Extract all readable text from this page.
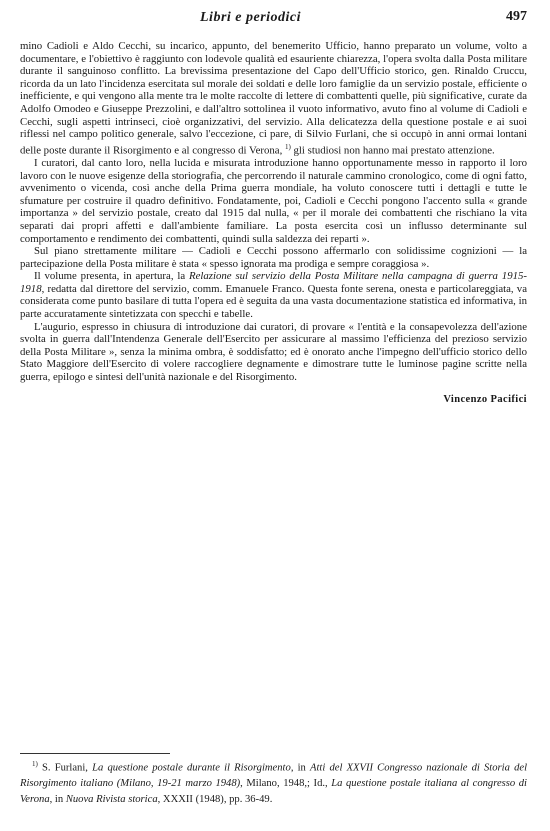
Libri e periodici	497

mino Cadioli e Aldo Cecchi, su incarico, appunto, del benemerito Ufficio, hanno preparato un volume, volto a documentare, e l'obiettivo è raggiunto con lodevole qualità ed esauriente chiarezza, l'opera svolta dalla Posta militare durante il sanguinoso conflitto. La brevissima presentazione del Capo dell'Ufficio storico, gen. Rinaldo Cruccu, ricorda da un lato l'incidenza esercitata sul morale dei soldati e delle loro famiglie da un servizio postale, efficiente o inefficiente, e qui vengono alla mente tra le molte raccolte di lettere di combattenti quelle, più significative, curate da Adolfo Omodeo e Giuseppe Prezzolini, e dall'altro sottolinea il vuoto informativo, avuto fino al volume di Cadioli e Cecchi, sugli aspetti intrinseci, cioè organizzativi, del servizio. Alla delicatezza della questione postale e ai suoi riflessi nel campo politico generale, salvo l'eccezione, ci pare, di Silvio Furlani, che si occupò in anni ormai lontani delle poste durante il Risorgimento e al congresso di Verona, $^{1)}$ gli studiosi non hanno mai prestato attenzione.

I curatori, dal canto loro, nella lucida e misurata introduzione hanno opportunamente messo in rapporto il loro lavoro con le nuove esigenze della storiografia, che percorrendo il naturale cammino cronologico, come di ogni fatto, avvenimento o vicenda, così anche della Prima guerra mondiale, ha voluto conoscere tutti i dettagli e tutte le sfumature per costruire il quadro definitivo. Fondatamente, poi, Cadioli e Cecchi pongono l'accento sulla « grande importanza » del servizio postale, creato dal 1915 dal nulla, « per il morale dei combattenti che rischiano la vita separati dai propri affetti e dall'ambiente familiare. La posta esercita così un influsso determinante sul comportamento e rendimento dei combattenti, quindi sulla saldezza dei reparti ».

Sul piano strettamente militare — Cadioli e Cecchi possono affermarlo con solidissime cognizioni — la partecipazione della Posta militare è stata « spesso ignorata ma prodiga e sempre coraggiosa ».

Il volume presenta, in apertura, la Relazione sul servizio della Posta Militare nella campagna di guerra 1915-1918, redatta dal direttore del servizio, comm. Emanuele Franco. Questa fonte serena, onesta e particolareggiata, va considerata come punto basilare di tutta l'opera ed è seguita da una vasta documentazione statistica ed informativa, in parte accuratamente sintetizzata con specchi e tabelle.

L'augurio, espresso in chiusura di introduzione dai curatori, di provare « l'entità e la consapevolezza dell'azione svolta in guerra dall'Intendenza Generale dell'Esercito per assicurare al massimo l'efficienza del prezioso servizio della Posta Militare », senza la minima ombra, è soddisfatto; ed è onorato anche l'impegno dell'ufficio storico dello Stato Maggiore dell'Esercito di volere raccogliere degnamente e dimostrare tutte le luminose pagine scritte nella guerra, epilogo e sintesi dell'unità nazionale e del Risorgimento.

Vincenzo Pacifici

$^{1)}$ S. Furlani, La questione postale durante il Risorgimento, in Atti del XXVII Congresso nazionale di Storia del Risorgimento italiano (Milano, 19-21 marzo 1948), Milano, 1948,; Id., La questione postale italiana al congresso di Verona, in Nuova Rivista storica, XXXII (1948), pp. 36-49.
